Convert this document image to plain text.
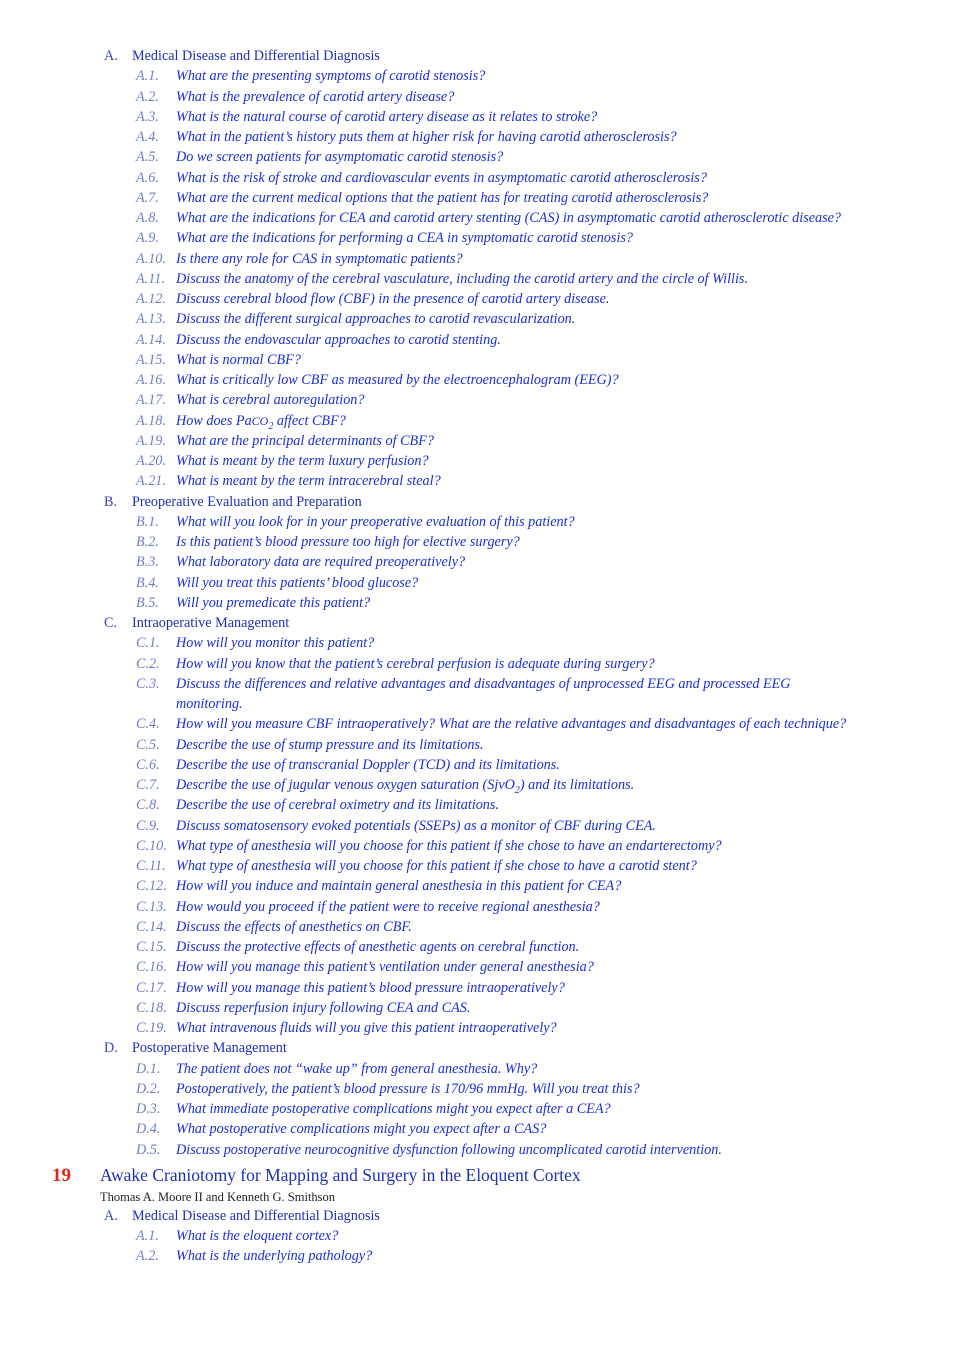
A. Medical Disease and Differential Diagnosis
A.1. What are the presenting symptoms of carotid stenosis?
A.2. What is the prevalence of carotid artery disease?
A.3. What is the natural course of carotid artery disease as it relates to stroke?
A.4. What in the patient’s history puts them at higher risk for having carotid atherosclerosis?
A.5. Do we screen patients for asymptomatic carotid stenosis?
A.6. What is the risk of stroke and cardiovascular events in asymptomatic carotid atherosclerosis?
A.7. What are the current medical options that the patient has for treating carotid atherosclerosis?
A.8. What are the indications for CEA and carotid artery stenting (CAS) in asymptomatic carotid atherosclerotic disease?
A.9. What are the indications for performing a CEA in symptomatic carotid stenosis?
A.10. Is there any role for CAS in symptomatic patients?
A.11. Discuss the anatomy of the cerebral vasculature, including the carotid artery and the circle of Willis.
A.12. Discuss cerebral blood flow (CBF) in the presence of carotid artery disease.
A.13. Discuss the different surgical approaches to carotid revascularization.
A.14. Discuss the endovascular approaches to carotid stenting.
A.15. What is normal CBF?
A.16. What is critically low CBF as measured by the electroencephalogram (EEG)?
A.17. What is cerebral autoregulation?
A.18. How does PaCO$_2$ affect CBF?
A.19. What are the principal determinants of CBF?
A.20. What is meant by the term luxury perfusion?
A.21. What is meant by the term intracerebral steal?
B. Preoperative Evaluation and Preparation
B.1. What will you look for in your preoperative evaluation of this patient?
B.2. Is this patient’s blood pressure too high for elective surgery?
B.3. What laboratory data are required preoperatively?
B.4. Will you treat this patients’ blood glucose?
B.5. Will you premedicate this patient?
C. Intraoperative Management
C.1. How will you monitor this patient?
C.2. How will you know that the patient’s cerebral perfusion is adequate during surgery?
C.3. Discuss the differences and relative advantages and disadvantages of unprocessed EEG and processed EEG monitoring.
C.4. How will you measure CBF intraoperatively? What are the relative advantages and disadvantages of each technique?
C.5. Describe the use of stump pressure and its limitations.
C.6. Describe the use of transcranial Doppler (TCD) and its limitations.
C.7. Describe the use of jugular venous oxygen saturation (SjvO$_2$) and its limitations.
C.8. Describe the use of cerebral oximetry and its limitations.
C.9. Discuss somatosensory evoked potentials (SSEPs) as a monitor of CBF during CEA.
C.10. What type of anesthesia will you choose for this patient if she chose to have an endarterectomy?
C.11. What type of anesthesia will you choose for this patient if she chose to have a carotid stent?
C.12. How will you induce and maintain general anesthesia in this patient for CEA?
C.13. How would you proceed if the patient were to receive regional anesthesia?
C.14. Discuss the effects of anesthetics on CBF.
C.15. Discuss the protective effects of anesthetic agents on cerebral function.
C.16. How will you manage this patient’s ventilation under general anesthesia?
C.17. How will you manage this patient’s blood pressure intraoperatively?
C.18. Discuss reperfusion injury following CEA and CAS.
C.19. What intravenous fluids will you give this patient intraoperatively?
D. Postoperative Management
D.1. The patient does not “wake up” from general anesthesia. Why?
D.2. Postoperatively, the patient’s blood pressure is 170/96 mmHg. Will you treat this?
D.3. What immediate postoperative complications might you expect after a CEA?
D.4. What postoperative complications might you expect after a CAS?
D.5. Discuss postoperative neurocognitive dysfunction following uncomplicated carotid intervention.
19 Awake Craniotomy for Mapping and Surgery in the Eloquent Cortex
Thomas A. Moore II and Kenneth G. Smithson
A. Medical Disease and Differential Diagnosis
A.1. What is the eloquent cortex?
A.2. What is the underlying pathology?
